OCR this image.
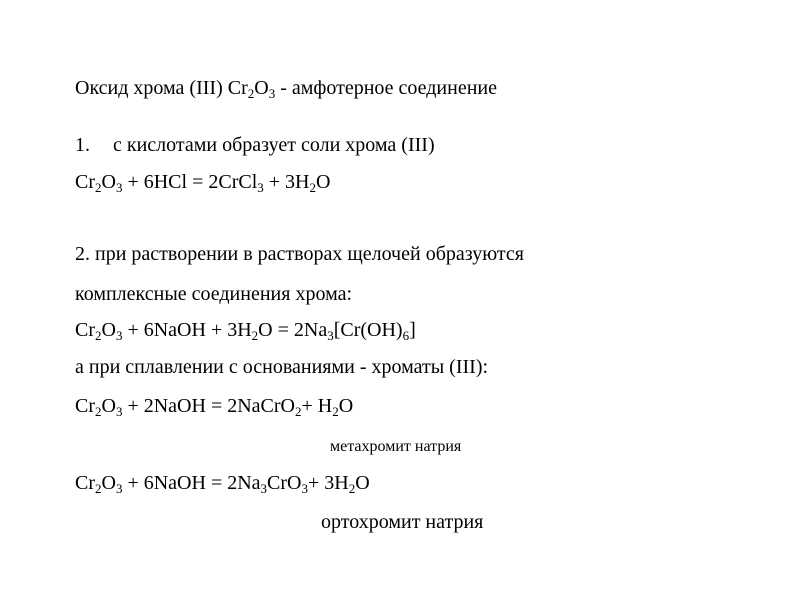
Оксид хрома (III) $Cr_2O_3$ - амфотерное соединение
1. с кислотами образует соли хрома (III)
$Cr_2O_3 + 6HCl$ = 2CrCl$_3$ + $3H_2O$
2. при растворении в растворах щелочей образуются
комплексные соединения хрома:
$Cr_2O_3$ + 6NaOH + $3H_2O = 2Na_3[Cr(OH)_6]$
а при сплавлении с основаниями - хроматы (III):
$Cr_2O_3$ + 2NaOH = 2NaCrO$_2$+ $H_2O$
метахромит натрия
$Cr_2O_3$ + 6NaOH = $2Na_3CrO_3+ 3H_2O$
ортохромит натрия
